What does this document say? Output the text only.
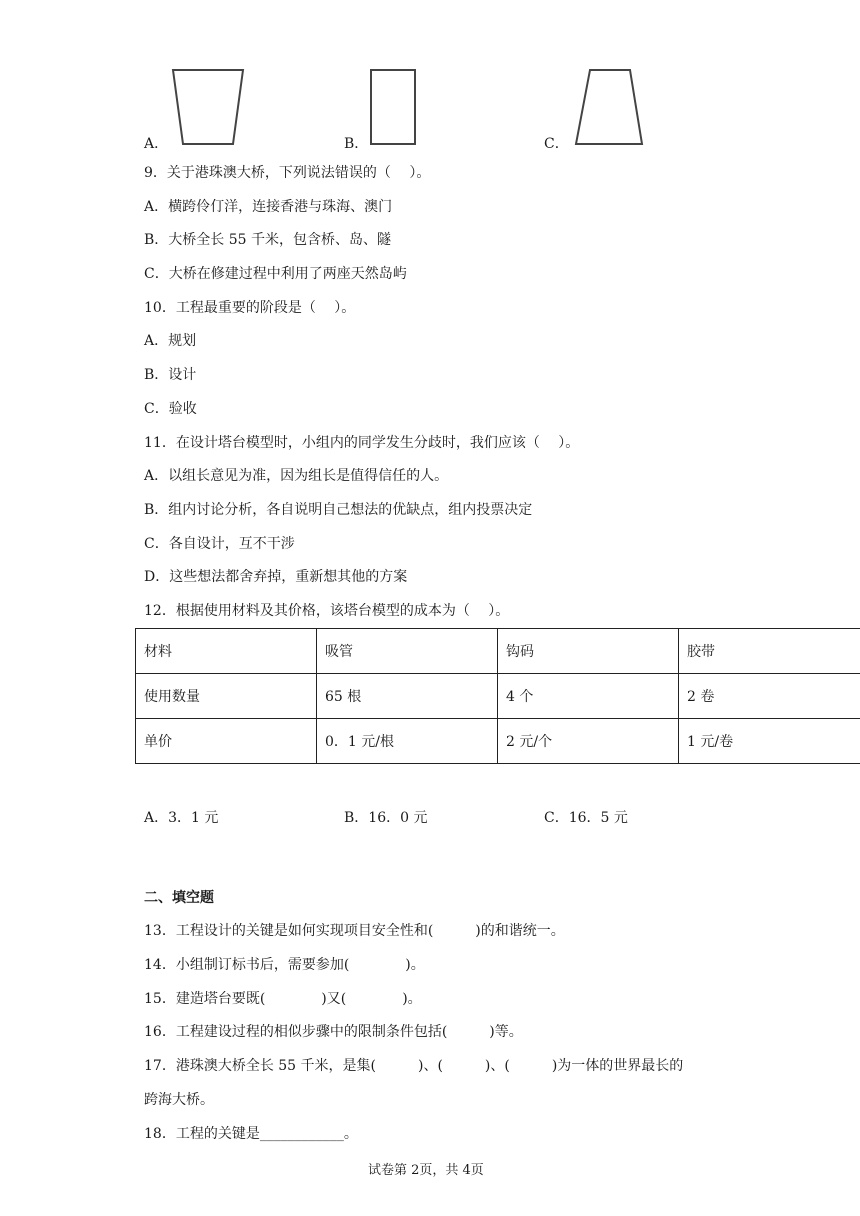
A．	B．	C．
9．关于港珠澳大桥，下列说法错误的（　 ）。
A．横跨伶仃洋，连接香港与珠海、澳门
B．大桥全长 55 千米，包含桥、岛、隧
C．大桥在修建过程中利用了两座天然岛屿
10．工程最重要的阶段是（　 ）。
A．规划
B．设计
C．验收
11．在设计塔台模型时，小组内的同学发生分歧时，我们应该（　 ）。
A．以组长意见为准，因为组长是值得信任的人。
B．组内讨论分析，各自说明自己想法的优缺点，组内投票决定
C．各自设计，互不干涉
D．这些想法都舍弃掉，重新想其他的方案
12．根据使用材料及其价格，该塔台模型的成本为（　 ）。
材料	吸管	钩码	胶带
使用数量	65 根	4 个	2 卷
单价	0．1 元/根	2 元/个	1 元/卷
A．3．1 元	B．16．0 元	C．16．5 元
二、填空题
13．工程设计的关键是如何实现项目安全性和(　　　)的和谐统一。
14．小组制订标书后，需要参加(　　　　)。
15．建造塔台要既(　　　　)又(　　　　)。
16．工程建设过程的相似步骤中的限制条件包括(　　　)等。
17．港珠澳大桥全长 55 千米，是集(　　　)、(　　　)、(　　　)为一体的世界最长的
跨海大桥。
18．工程的关键是____________。
试卷第 2页，共 4页
